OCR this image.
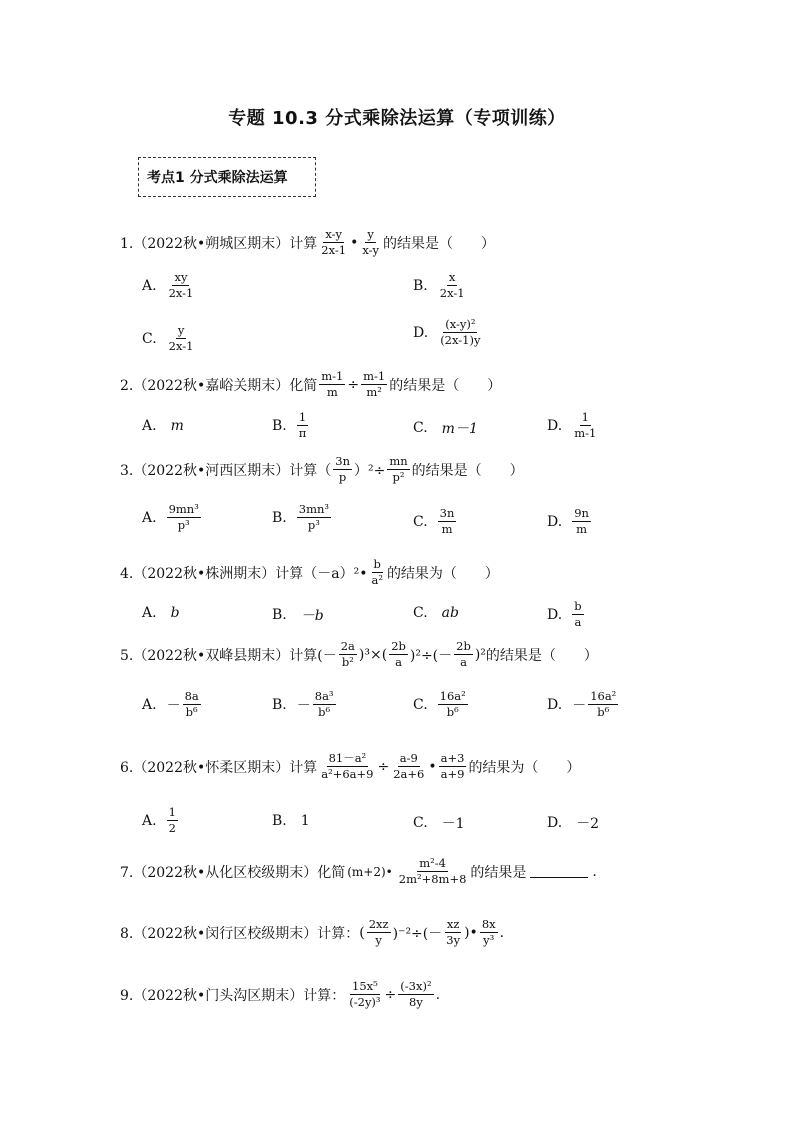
专题 10.3 分式乘除法运算（专项训练）
考点1 分式乘除法运算
1.（2022秋•朔城区期末）计算 $\frac{x-y}{2x-1}$ • $\frac{y}{x-y}$ 的结果是（　　）
A. $\frac{xy}{2x-1}$	B. $\frac{x}{2x-1}$
C. $\frac{y}{2x-1}$	D. $\frac{\text{(x-y)²}}{(2x-1)y}$
2.（2022秋•嘉峪关期末）化简 $\frac{m-1}{m} \div \frac{m-1}{\text{m²}}$ 的结果是（　　）
A. m	B. $\frac{1}{\pi}$	C. m－1	D. $\frac{1}{m-1}$
3.（2022秋•河西区期末）计算 （ $\frac{3n}{p} )^2\div \frac{mn}{\text{p²}}$ 的结果是（　　）
A. $\frac{\text{9mn³}}{\text{p³}}$	B. $\frac{\text{3mn³}}{\text{p³}}$	C. $\frac{3n}{m}$	D. $\frac{9n}{m}$
4.（2022秋•株洲期末）计算（－a）²• $\frac{b}{\text{a²}}$ 的结果为（　　）
A. b	B. －b	C. ab	D. $\frac{b}{a}$
5.（2022秋•双峰县期末）计算 (－ $\frac{2a}{\text{b²}} )^3\times( \frac{2b}{a} )^2\div(- \frac{2b}{a} )^2$ 的结果是（　　）
A. － $\frac{8a}{\text{b⁶}}$	B. － $\frac{\text{8a³}}{\text{b⁶}}$	C. $\frac{\text{16a²}}{\text{b⁶}}$	D. － $\frac{\text{16a²}}{\text{b⁶}}$
6.（2022秋•怀柔区期末）计算 $\frac{\text{81－a²}}{\text{a²+6a+9}} \div \frac{a-9}{2a+6}$ • $\frac{a+3}{a+9}$ 的结果为（　　）
A. $\frac{1}{2}$	B. 1	C. －1	D. －2
7.（2022秋•从化区校级期末）化简 (m+2)• $\frac{\text{m²-4}}{\text{2m²+8m+8}}$ 的结果是	.
8.（2022秋•闵行区校级期末）计算： ( $\frac{2xz}{y} )^{-2}\div(- \frac{xz}{3y}$ )• $\frac{8x}{\text{y³}}$ .
9.（2022秋•门头沟区期末）计算： $\frac{\text{15x⁵}}{\text{(-2y)³}} \div \frac{\text{(-3x)²}}{8y}$ .
